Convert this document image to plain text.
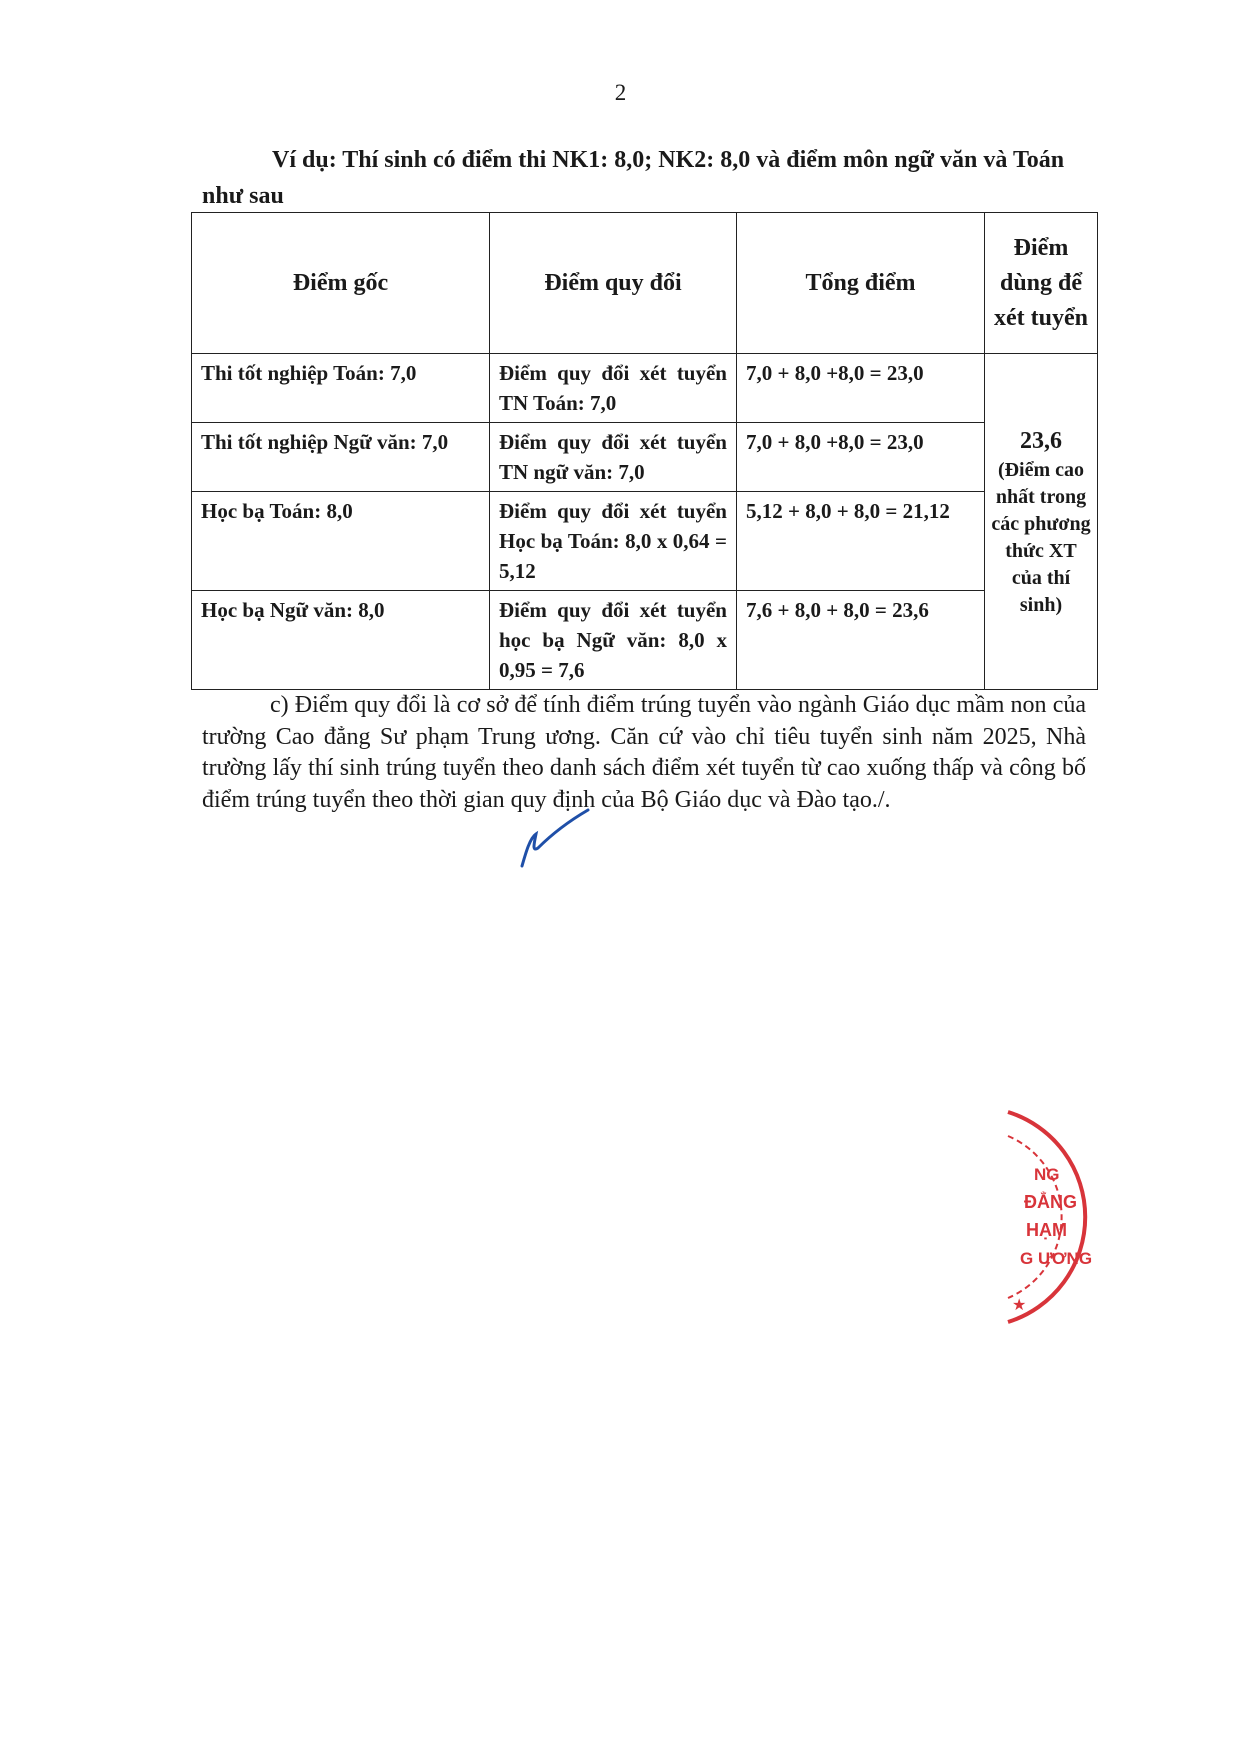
2
Ví dụ: Thí sinh có điểm thi NK1: 8,0; NK2: 8,0 và điểm môn ngữ văn và Toán như sau
Điểm gốc	Điểm quy đổi	Tổng điểm	Điểm dùng để xét tuyển
Thi tốt nghiệp Toán: 7,0	Điểm quy đổi xét tuyển TN Toán: 7,0	7,0 + 8,0 +8,0 = 23,0	23,6
(Điểm cao nhất trong các phương thức XT của thí sinh)

Thi tốt nghiệp Ngữ văn: 7,0	Điểm quy đổi xét tuyển TN ngữ văn: 7,0	7,0 + 8,0 +8,0 = 23,0	
Học bạ Toán: 8,0	Điểm quy đổi xét tuyển Học bạ Toán: 8,0 x 0,64 = 5,12	5,12 + 8,0 + 8,0 = 21,12	
Học bạ Ngữ văn: 8,0	Điểm quy đổi xét tuyển học bạ Ngữ văn: 8,0 x 0,95 = 7,6	7,6 + 8,0 + 8,0 = 23,6	
c) Điểm quy đổi là cơ sở để tính điểm trúng tuyển vào ngành Giáo dục mầm non của trường Cao đẳng Sư phạm Trung ương. Căn cứ vào chỉ tiêu tuyển sinh năm 2025, Nhà trường lấy thí sinh trúng tuyển theo danh sách điểm xét tuyển từ cao xuống thấp và công bố điểm trúng tuyển theo thời gian quy định của Bộ Giáo dục và Đào tạo./.
NG
ĐẲNG
HẠM
G ƯƠNG
★
